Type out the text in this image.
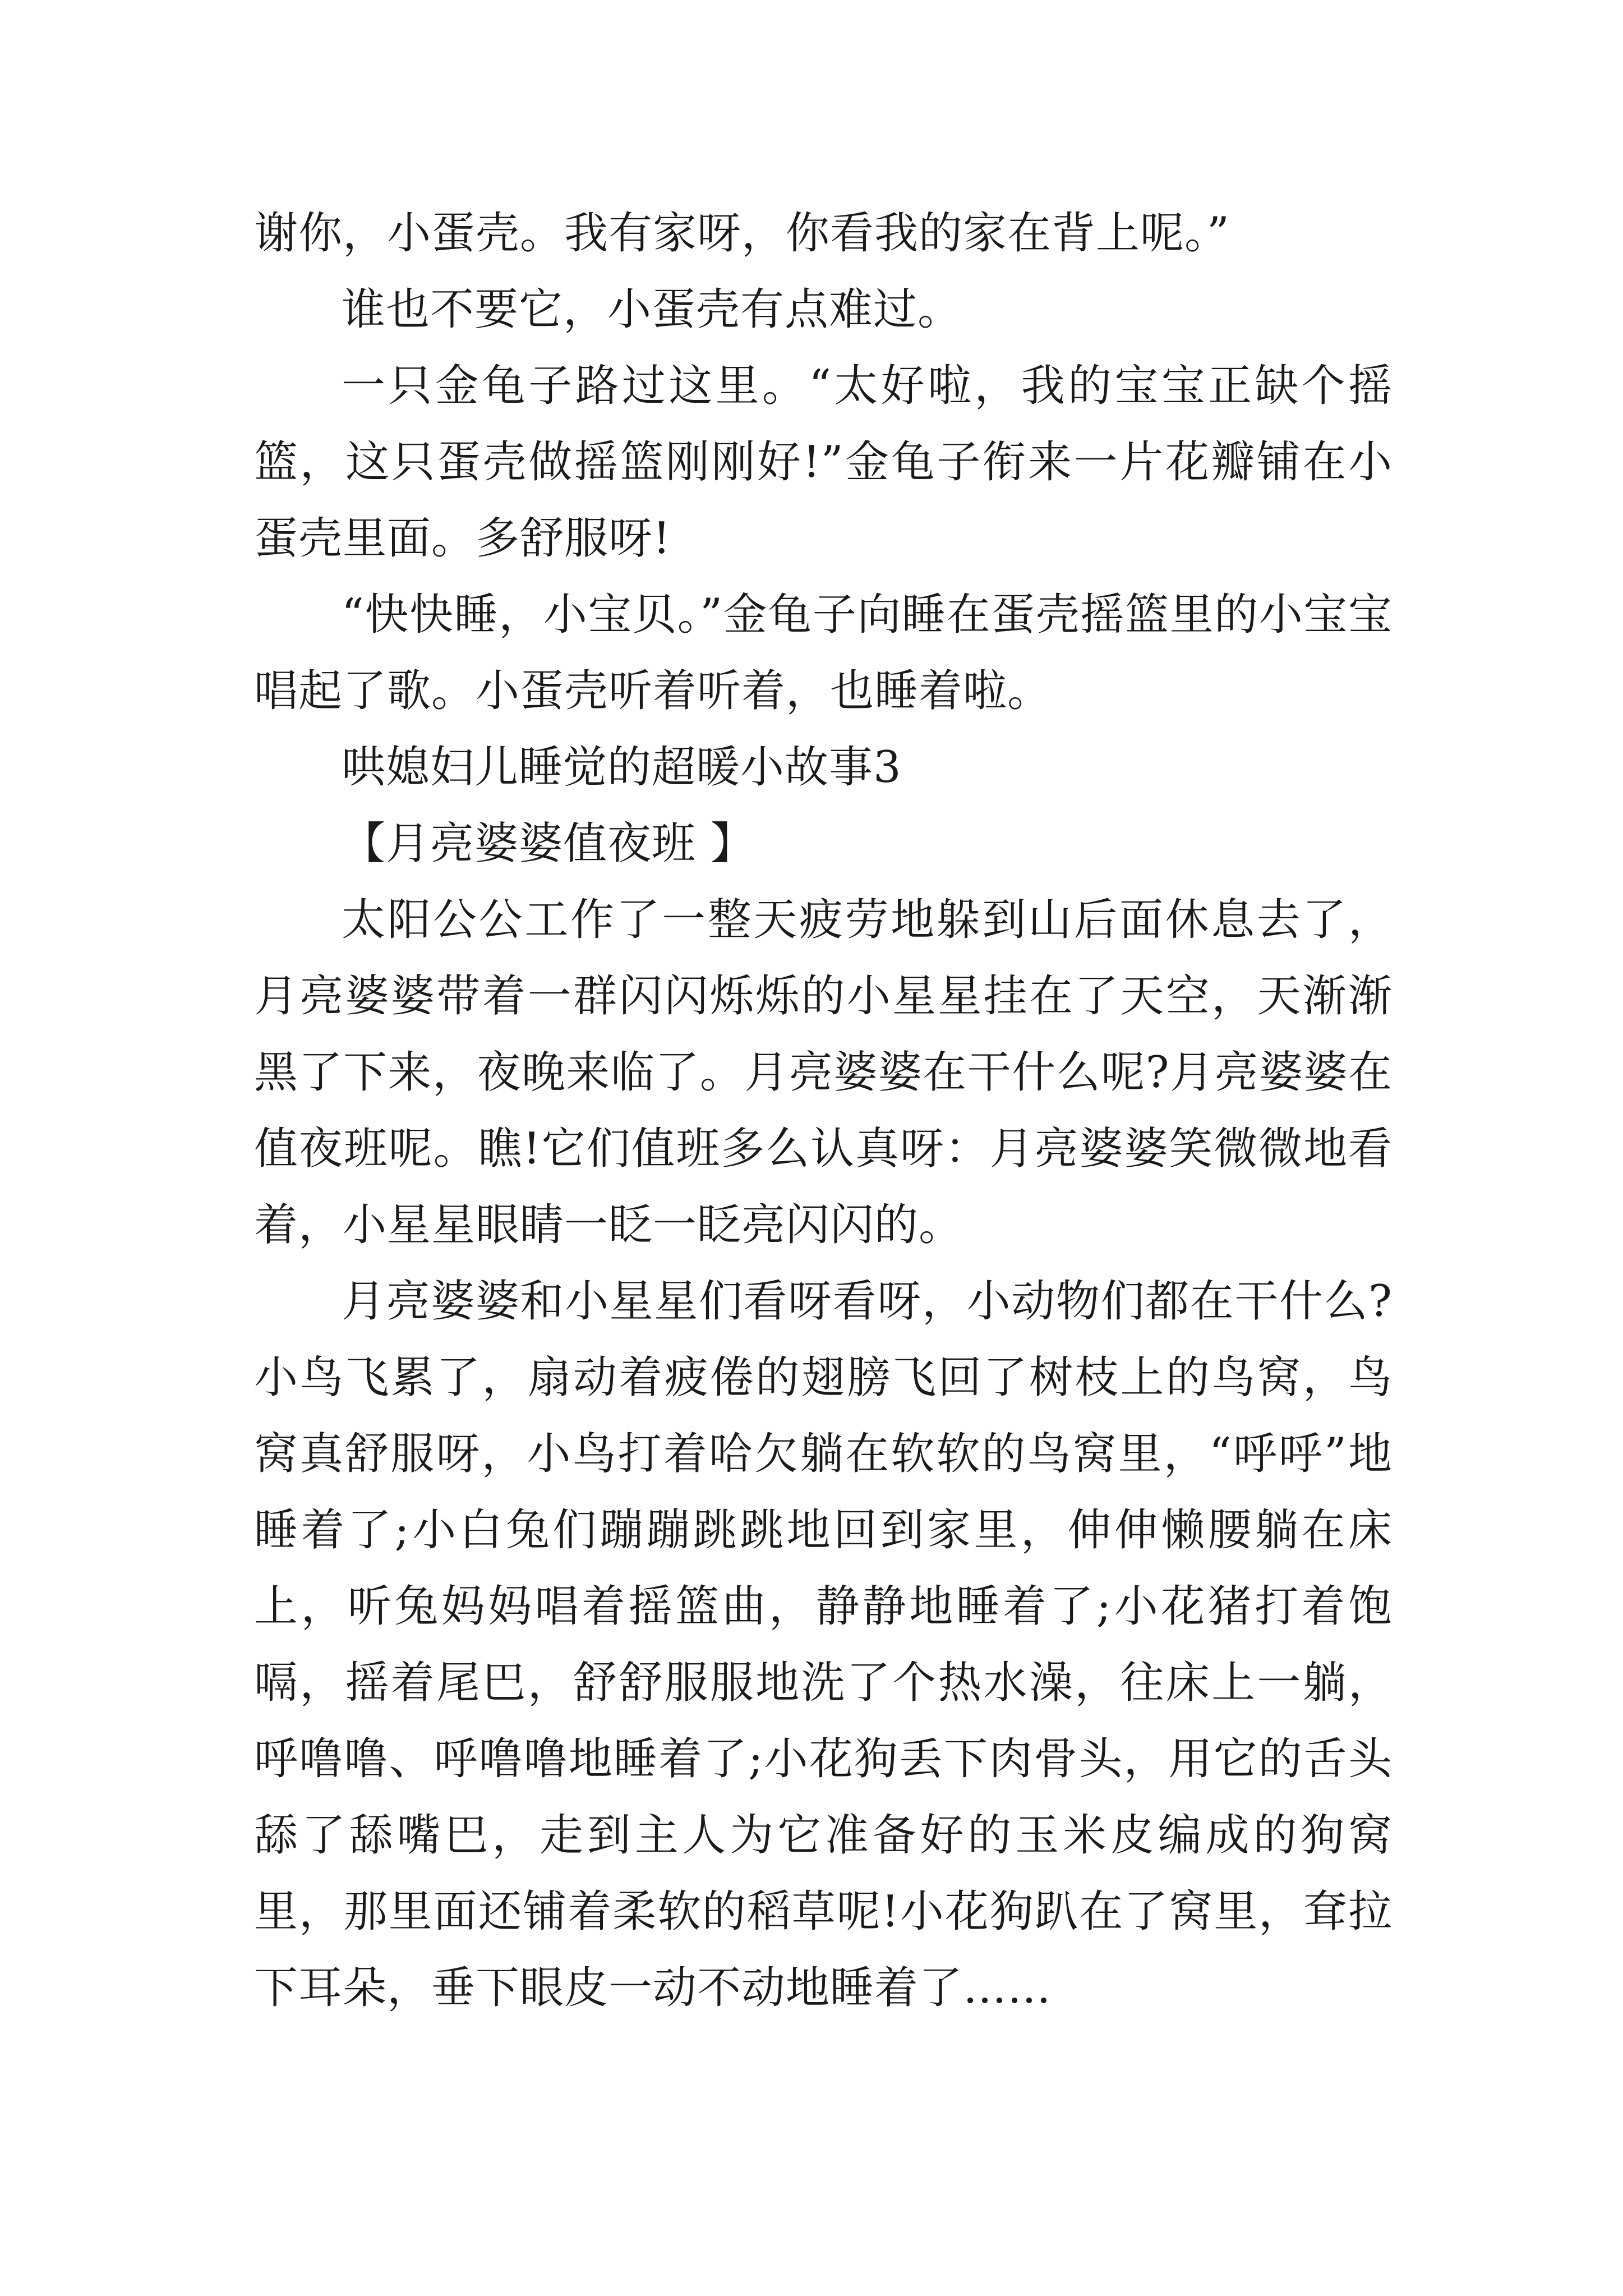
谢你，小蛋壳。我有家呀，你看我的家在背上呢。”

谁也不要它，小蛋壳有点难过。

一只金龟子路过这里。“太好啦，我的宝宝正缺个摇篮，这只蛋壳做摇篮刚刚好!”金龟子衔来一片花瓣铺在小蛋壳里面。多舒服呀!

“快快睡，小宝贝。”金龟子向睡在蛋壳摇篮里的小宝宝唱起了歌。小蛋壳听着听着，也睡着啦。

哄媳妇儿睡觉的超暖小故事3

【月亮婆婆值夜班 】

太阳公公工作了一整天疲劳地躲到山后面休息去了，月亮婆婆带着一群闪闪烁烁的小星星挂在了天空，天渐渐黑了下来，夜晚来临了。月亮婆婆在干什么呢?月亮婆婆在值夜班呢。瞧!它们值班多么认真呀：月亮婆婆笑微微地看着，小星星眼睛一眨一眨亮闪闪的。

月亮婆婆和小星星们看呀看呀，小动物们都在干什么?小鸟飞累了，扇动着疲倦的翅膀飞回了树枝上的鸟窝，鸟窝真舒服呀，小鸟打着哈欠躺在软软的鸟窝里，“呼呼”地睡着了;小白兔们蹦蹦跳跳地回到家里，伸伸懒腰躺在床上，听兔妈妈唱着摇篮曲，静静地睡着了;小花猪打着饱嗝，摇着尾巴，舒舒服服地洗了个热水澡，往床上一躺，呼噜噜、呼噜噜地睡着了;小花狗丢下肉骨头，用它的舌头舔了舔嘴巴，走到主人为它准备好的玉米皮编成的狗窝里，那里面还铺着柔软的稻草呢!小花狗趴在了窝里，耷拉下耳朵，垂下眼皮一动不动地睡着了……
